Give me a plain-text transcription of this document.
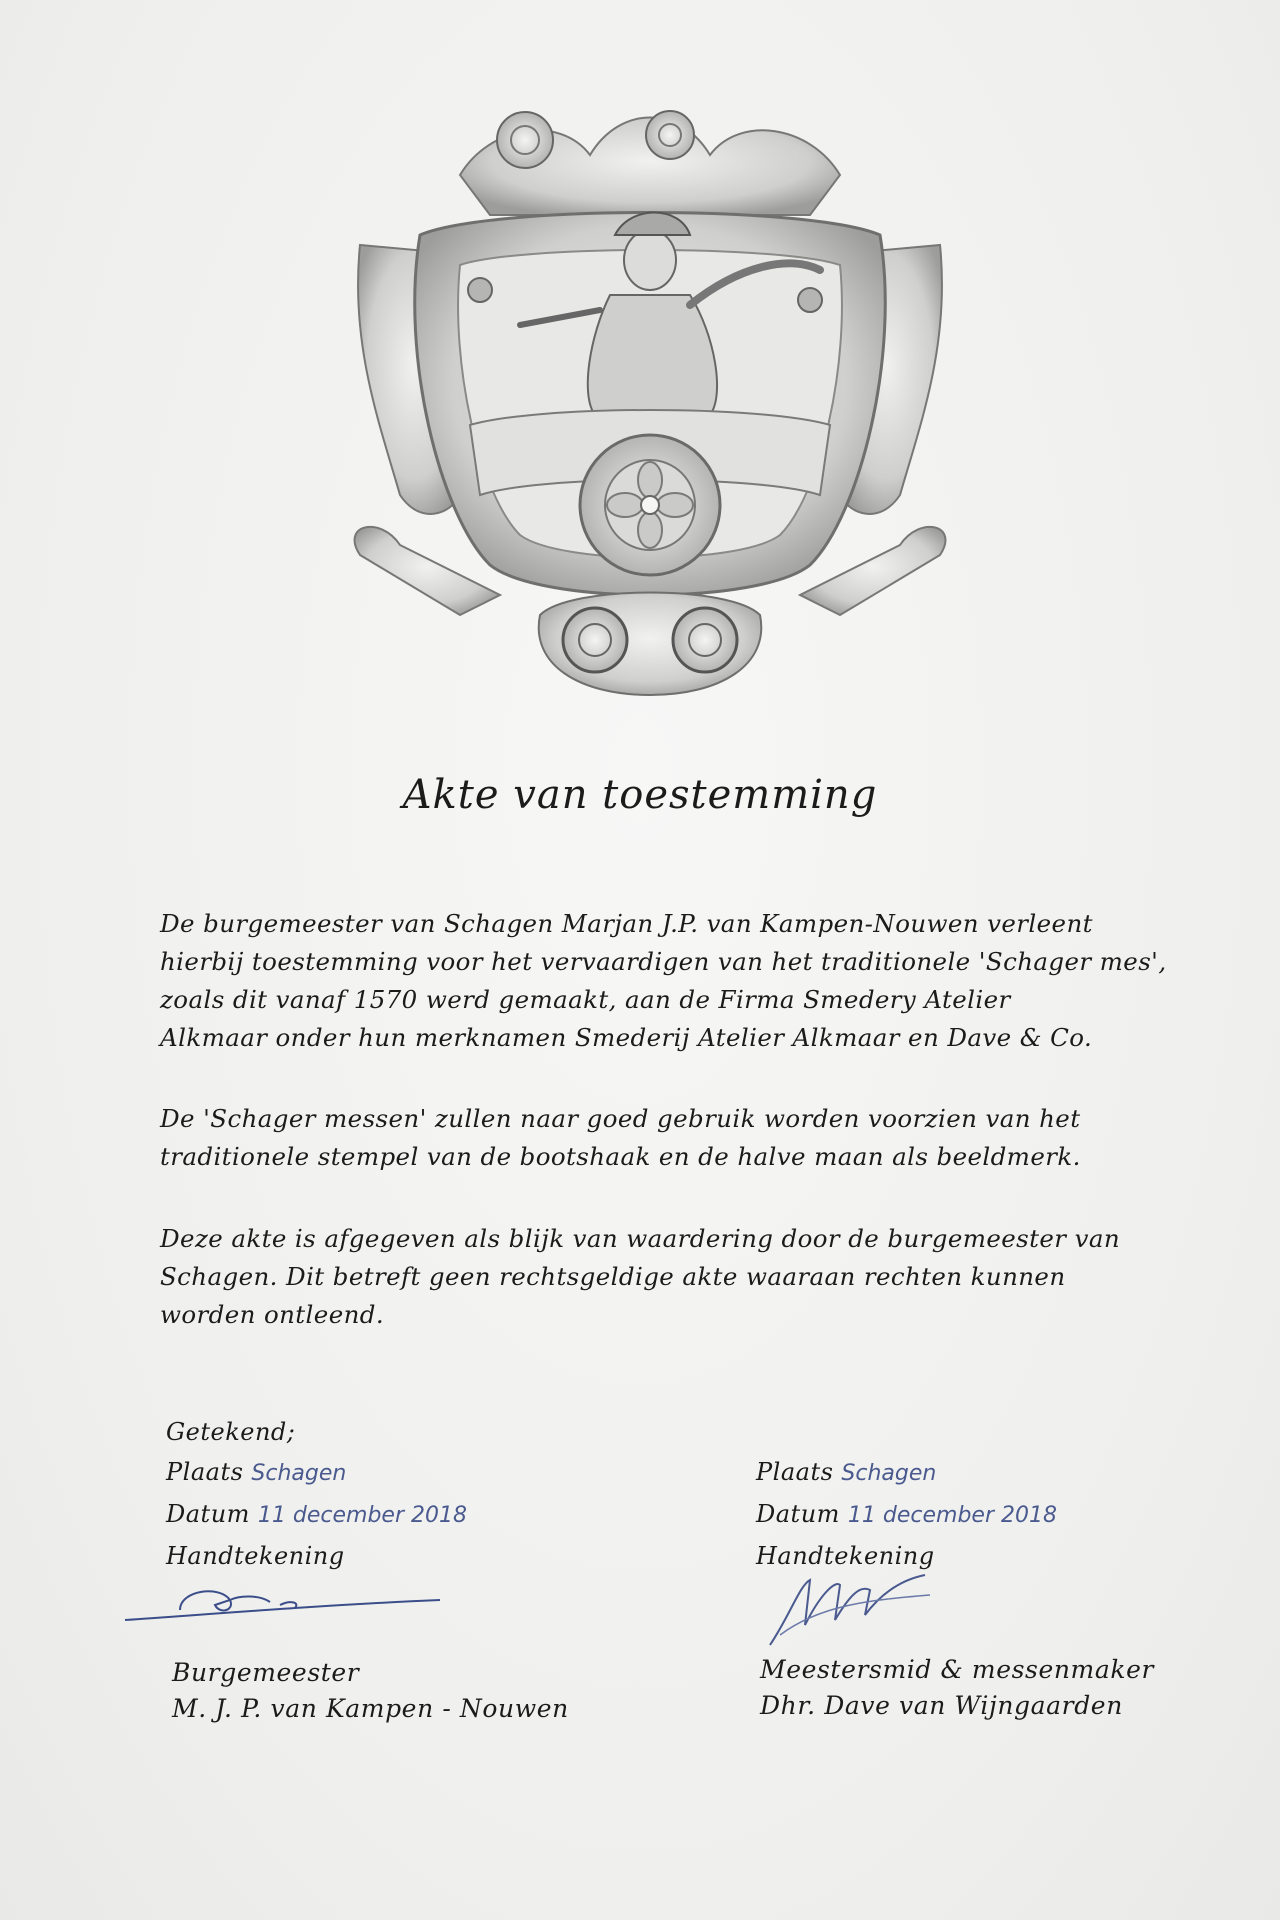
Akte van toestemming

De burgemeester van Schagen Marjan J.P. van Kampen-Nouwen verleent

hierbij toestemming voor het vervaardigen van het traditionele 'Schager mes',

zoals dit vanaf 1570 werd gemaakt, aan de Firma Smedery Atelier

Alkmaar onder hun merknamen Smederij Atelier Alkmaar en Dave & Co.

De 'Schager messen' zullen naar goed gebruik worden voorzien van het

traditionele stempel van de bootshaak en de halve maan als beeldmerk.

Deze akte is afgegeven als blijk van waardering door de burgemeester van

Schagen. Dit betreft geen rechtsgeldige akte waaraan rechten kunnen

worden ontleend.

Getekend;
Plaats Schagen
Datum 11 december 2018
Handtekening
Plaats Schagen
Datum 11 december 2018
Handtekening
Burgemeester
M. J. P. van Kampen - Nouwen
Meestersmid & messenmaker
Dhr. Dave van Wijngaarden
